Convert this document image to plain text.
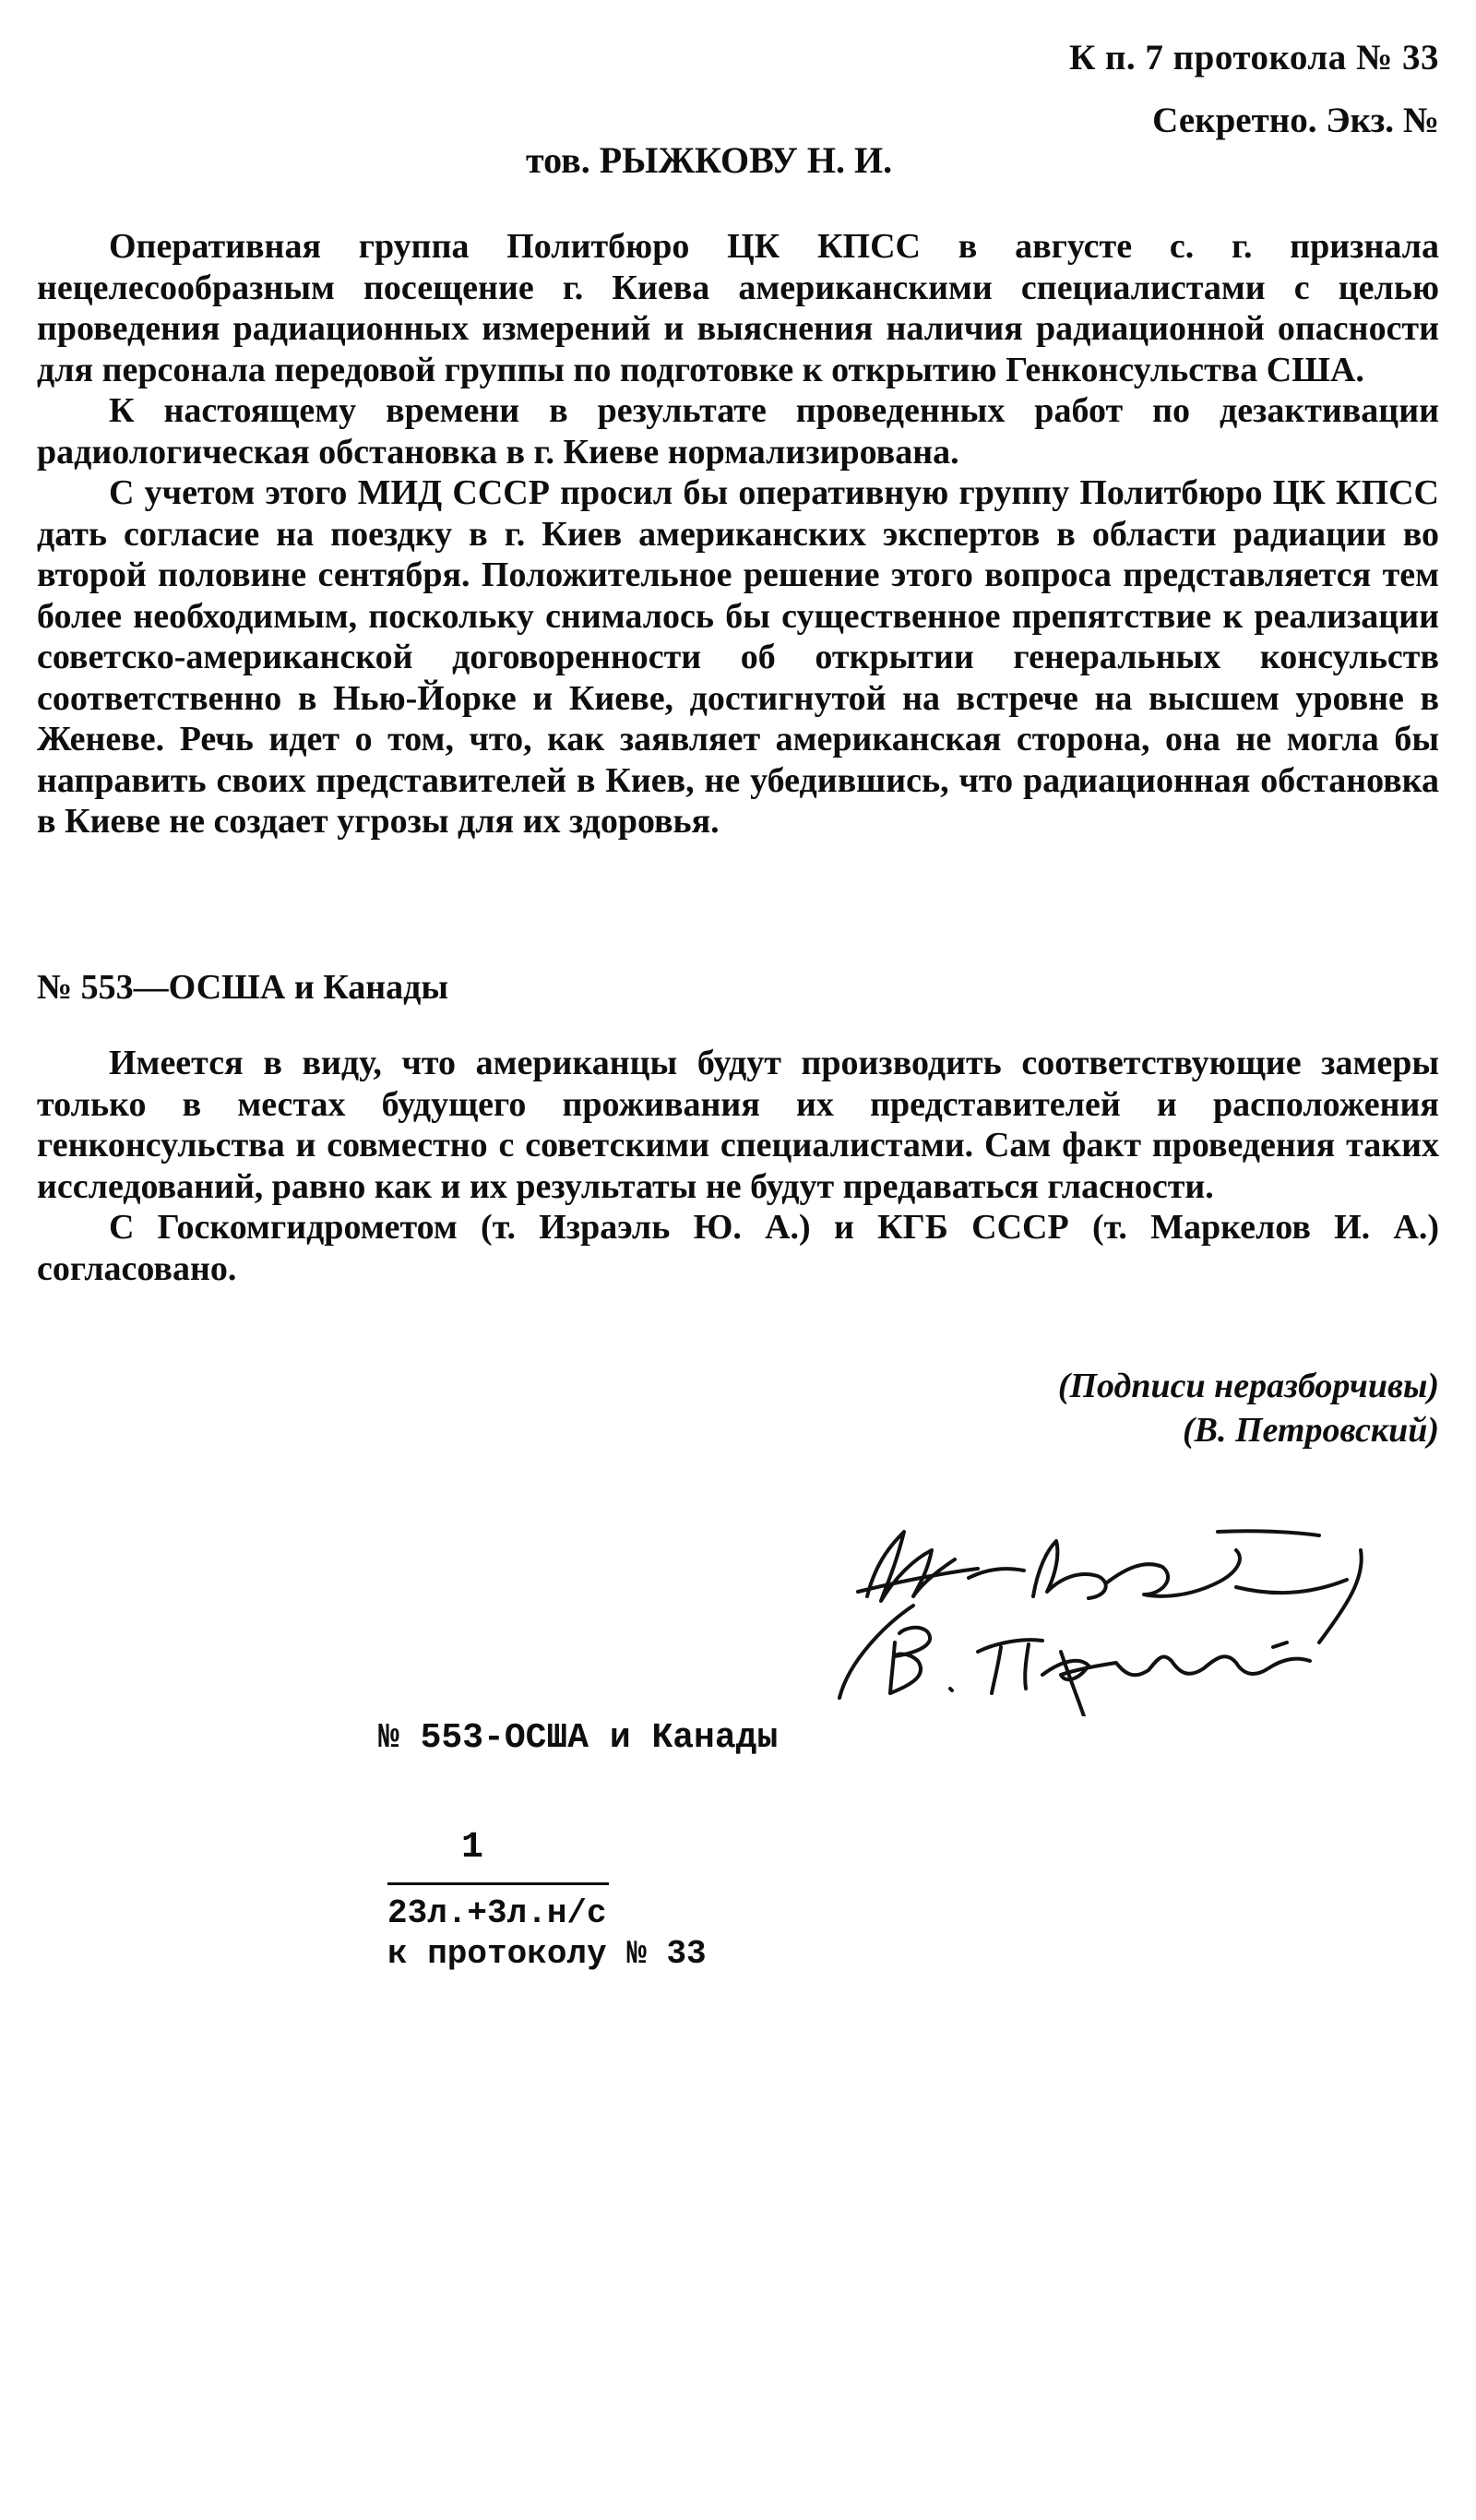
К п. 7 протокола № 33
Секретно. Экз. №
тов. РЫЖКОВУ Н. И.

Оперативная группа Политбюро ЦК КПСС в августе с. г. признала нецелесообразным посещение г. Киева американскими специалистами с целью проведения радиационных измерений и выяснения наличия радиационной опасности для персонала передовой группы по подготовке к открытию Генконсульства США.

К настоящему времени в результате проведенных работ по дезактивации радиологическая обстановка в г. Киеве нормализирована.

С учетом этого МИД СССР просил бы оперативную группу Политбюро ЦК КПСС дать согласие на поездку в г. Киев американских экспертов в области радиации во второй половине сентября. Положительное решение этого вопроса представляется тем более необходимым, поскольку снималось бы существенное препятствие к реализации советско-американской договоренности об открытии генеральных консульств соответственно в Нью-Йорке и Киеве, достигнутой на встрече на высшем уровне в Женеве. Речь идет о том, что, как заявляет американская сторона, она не могла бы направить своих представителей в Киев, не убедившись, что радиационная обстановка в Киеве не создает угрозы для их здоровья.

№ 553—ОСША и Канады

Имеется в виду, что американцы будут производить соответствующие замеры только в местах будущего проживания их представителей и расположения генконсульства и совместно с советскими специалистами. Сам факт проведения таких исследований, равно как и их результаты не будут предаваться гласности.

С Госкомгидрометом (т. Израэль Ю. А.) и КГБ СССР (т. Маркелов И. А.) согласовано.

(Подписи неразборчивы)
(В. Петровский)
№ 553-ОСША и Канады
1
23л.+3л.н/с
к протоколу № 33
